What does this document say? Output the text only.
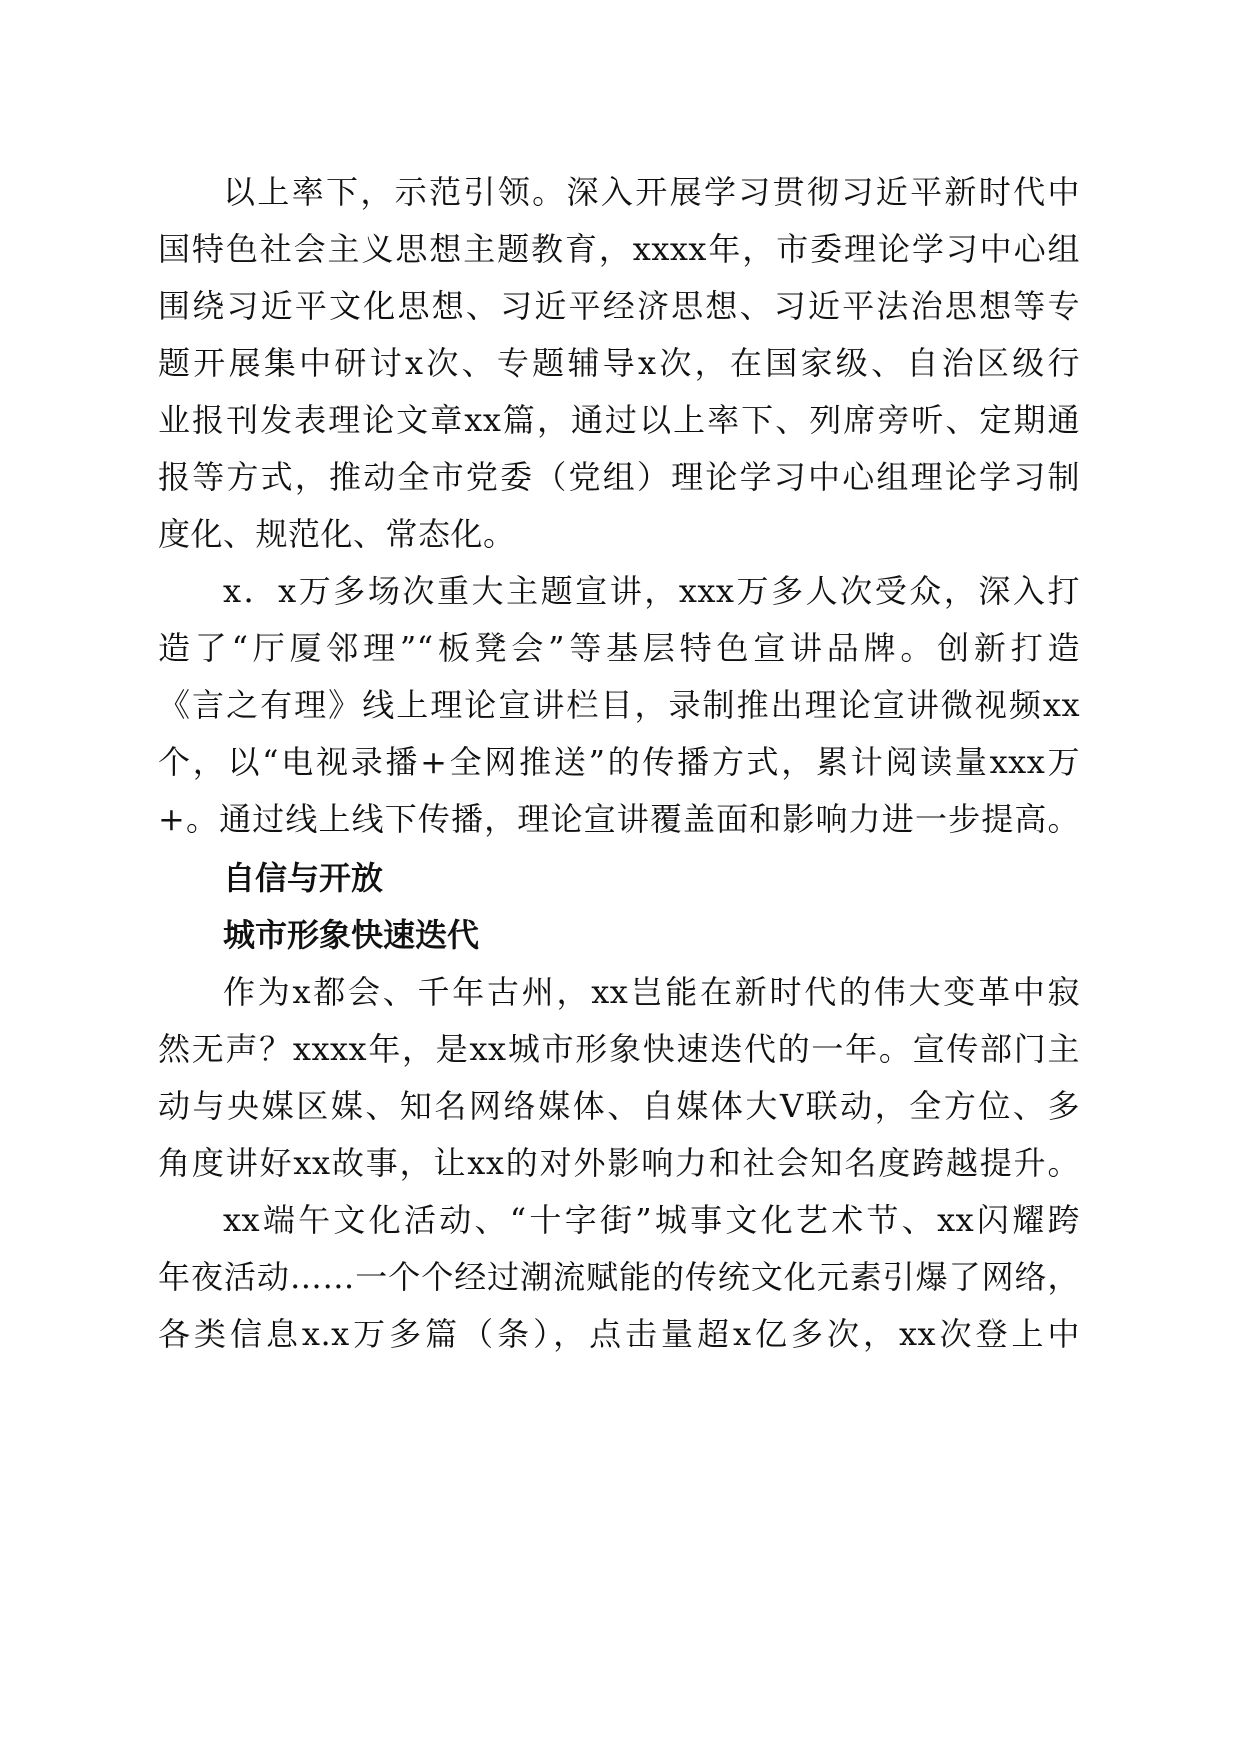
以上率下，示范引领。深入开展学习贯彻习近平新时代中
国特色社会主义思想主题教育，xxxx年，市委理论学习中心组
围绕习近平文化思想、习近平经济思想、习近平法治思想等专
题开展集中研讨x次、专题辅导x次，在国家级、自治区级行
业报刊发表理论文章xx篇，通过以上率下、列席旁听、定期通
报等方式，推动全市党委（党组）理论学习中心组理论学习制
度化、规范化、常态化。
x．x万多场次重大主题宣讲，xxx万多人次受众，深入打
造了“厅厦邻理”“板凳会”等基层特色宣讲品牌。创新打造
《言之有理》线上理论宣讲栏目，录制推出理论宣讲微视频xx
个，以“电视录播+全网推送”的传播方式，累计阅读量xxx万
+。通过线上线下传播，理论宣讲覆盖面和影响力进一步提高。
自信与开放
城市形象快速迭代
作为x都会、千年古州，xx岂能在新时代的伟大变革中寂
然无声？xxxx年，是xx城市形象快速迭代的一年。宣传部门主
动与央媒区媒、知名网络媒体、自媒体大V联动，全方位、多
角度讲好xx故事，让xx的对外影响力和社会知名度跨越提升。
xx端午文化活动、“十字街”城事文化艺术节、xx闪耀跨
年夜活动……一个个经过潮流赋能的传统文化元素引爆了网络，
各类信息x.x万多篇（条），点击量超x亿多次，xx次登上中
